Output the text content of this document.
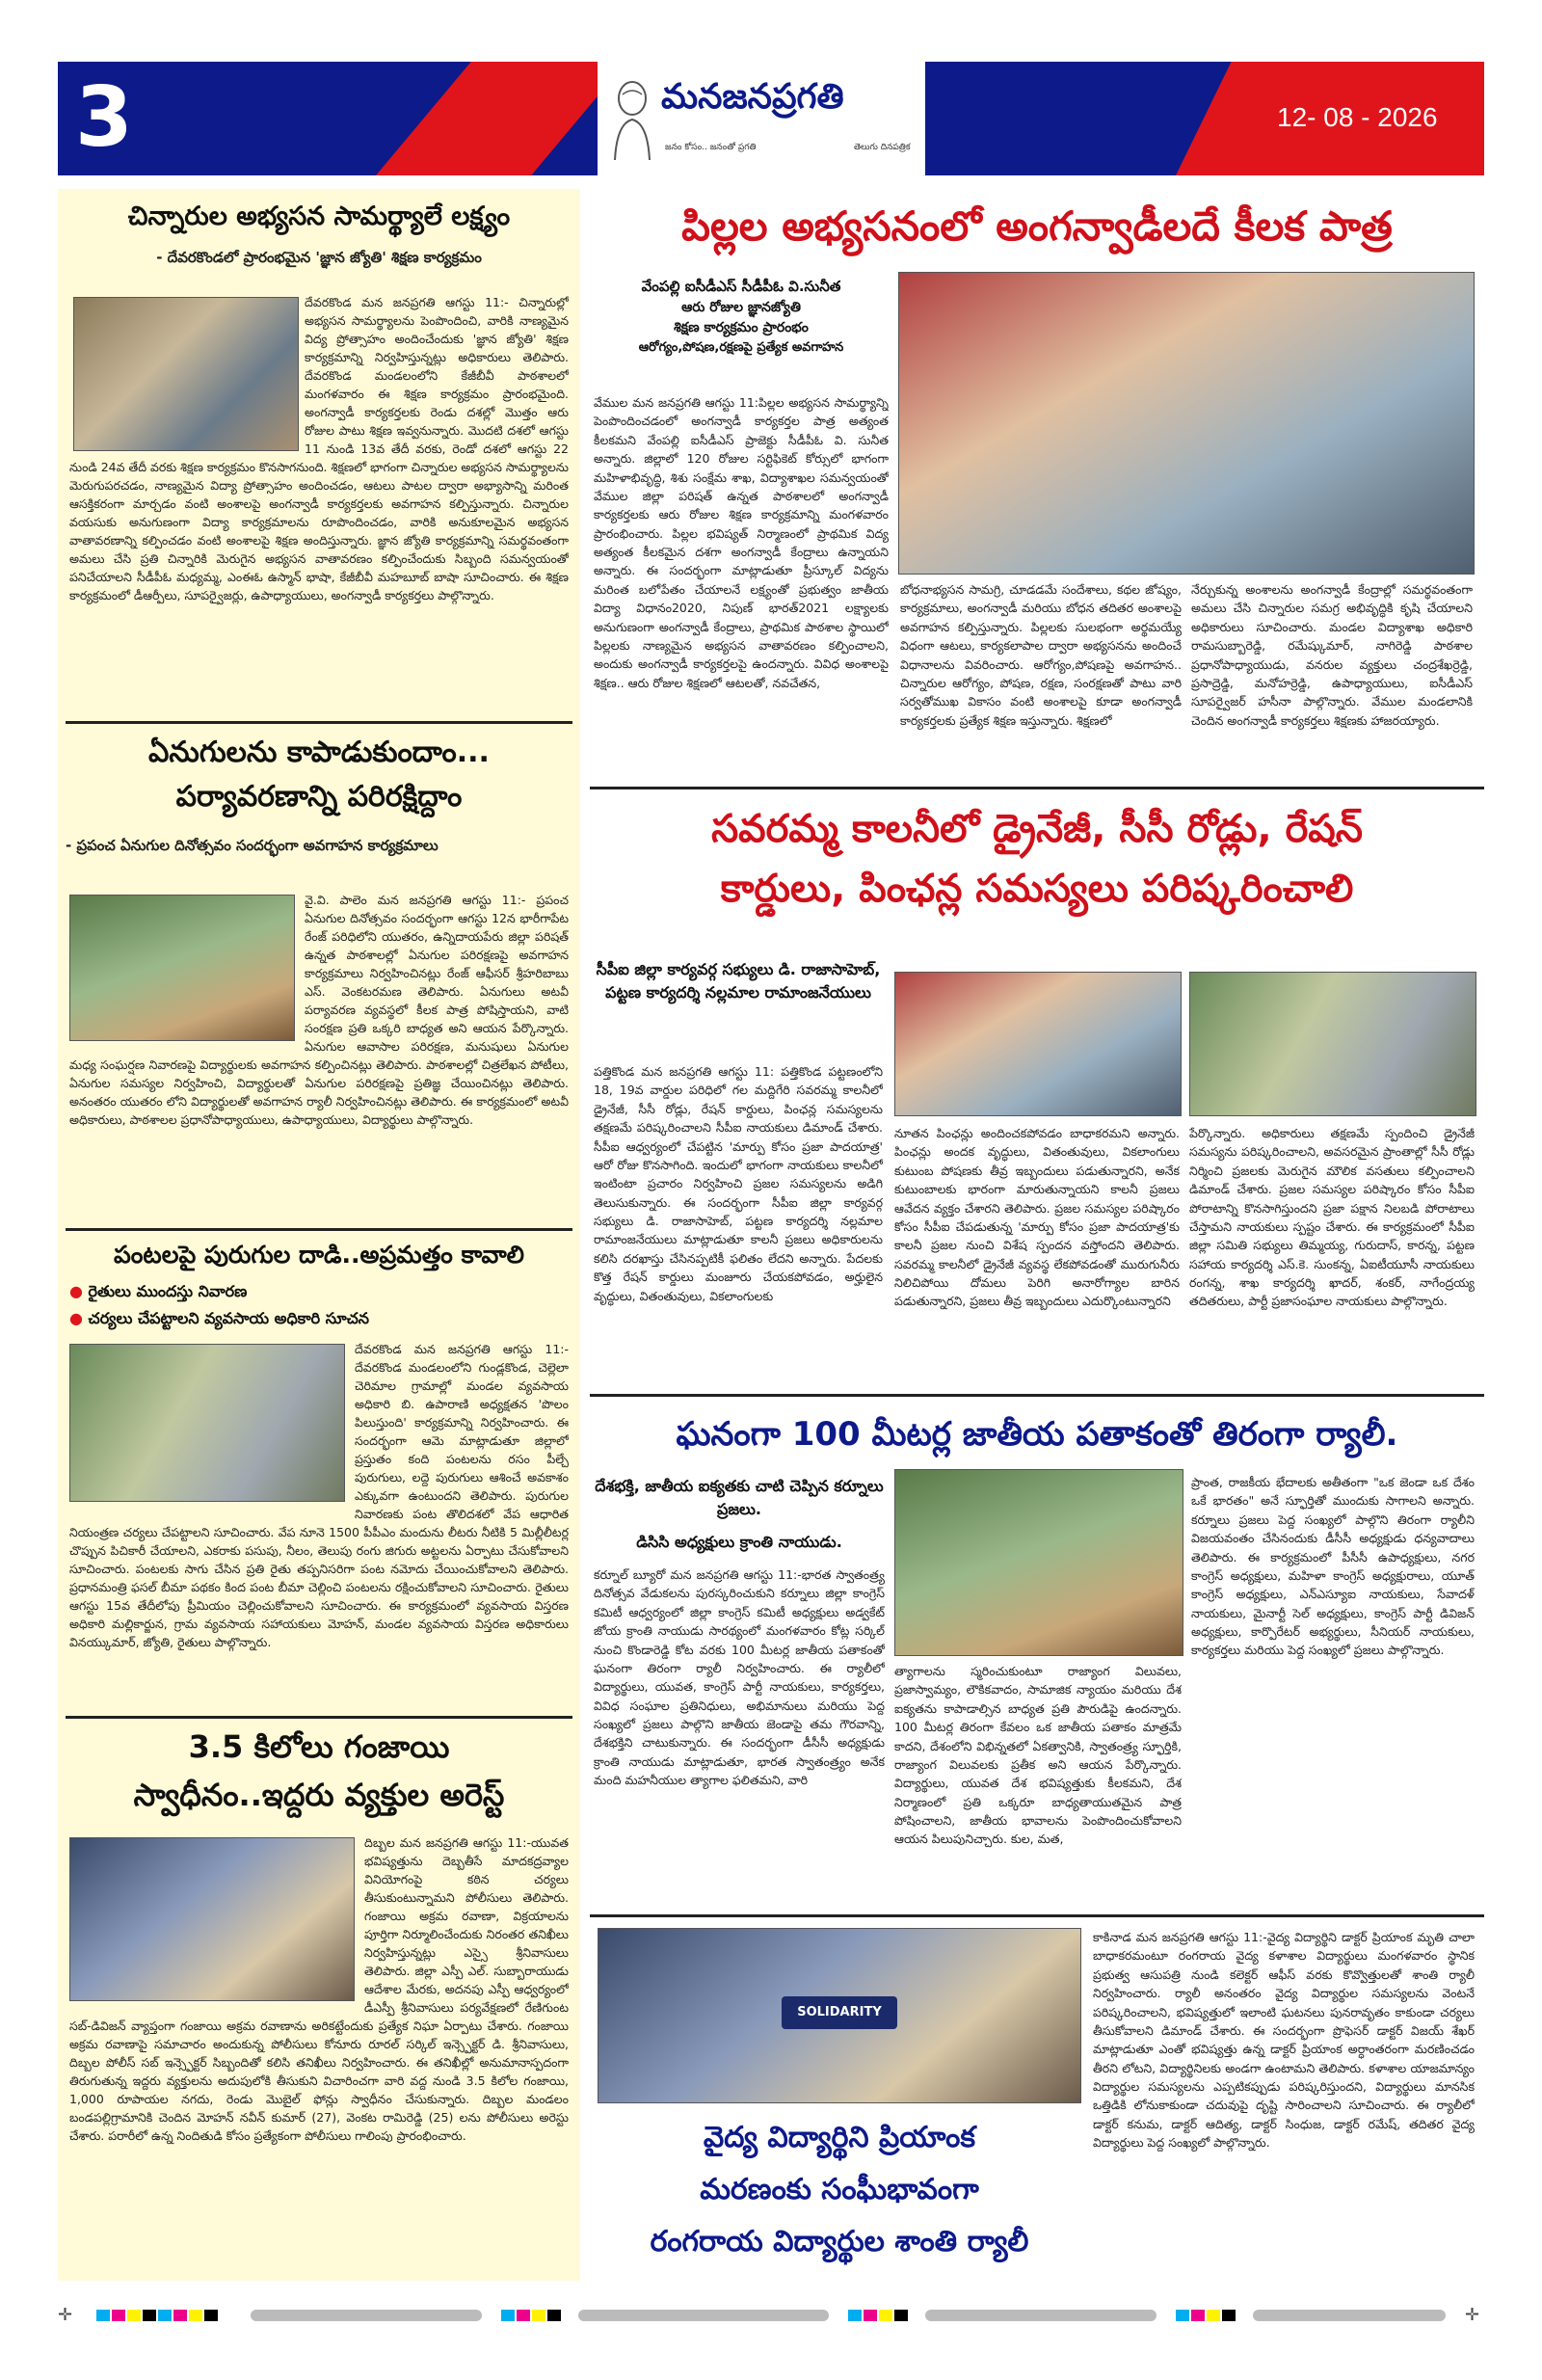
3	మనజనప్రగతి
జనం కోసం.. జనంతో ప్రగతి	తెలుగు దినపత్రిక
12- 08 - 2026
చిన్నారుల అభ్యసన సామర్థ్యాలే లక్ష్యం
- దేవరకొండలో ప్రారంభమైన 'జ్ఞాన జ్యోతి' శిక్షణ కార్యక్రమం

దేవరకొండ మన జనప్రగతి ఆగస్టు 11:- చిన్నారుల్లో అభ్యసన సామర్థ్యాలను పెంపొందించి, వారికి నాణ్యమైన విద్య ప్రోత్సాహం అందించేందుకు 'జ్ఞాన జ్యోతి' శిక్షణ కార్యక్రమాన్ని నిర్వహిస్తున్నట్లు అధికారులు తెలిపారు. దేవరకొండ మండలంలోని కేజీబీవీ పాఠశాలలో మంగళవారం ఈ శిక్షణ కార్యక్రమం ప్రారంభమైంది. అంగన్వాడీ కార్యకర్తలకు రెండు దశల్లో మొత్తం ఆరు రోజుల పాటు శిక్షణ ఇవ్వనున్నారు. మొదటి దశలో ఆగస్టు 11 నుండి 13వ తేదీ వరకు, రెండో దశలో ఆగస్టు 22 నుండి 24వ తేదీ వరకు శిక్షణ కార్యక్రమం కొనసాగనుంది. శిక్షణలో భాగంగా చిన్నారుల అభ్యసన సామర్థ్యాలను మెరుగుపరచడం, నాణ్యమైన విద్యా ప్రోత్సాహం అందించడం, ఆటలు పాటల ద్వారా అభ్యాసాన్ని మరింత ఆసక్తికరంగా మార్చడం వంటి అంశాలపై అంగన్వాడీ కార్యకర్తలకు అవగాహన కల్పిస్తున్నారు. చిన్నారుల వయసుకు అనుగుణంగా విద్యా కార్యక్రమాలను రూపొందించడం, వారికి అనుకూలమైన అభ్యసన వాతావరణాన్ని కల్పించడం వంటి అంశాలపై శిక్షణ అందిస్తున్నారు. జ్ఞాన జ్యోతి కార్యక్రమాన్ని సమర్థవంతంగా అమలు చేసి ప్రతి చిన్నారికి మెరుగైన అభ్యసన వాతావరణం కల్పించేందుకు సిబ్బంది సమన్వయంతో పనిచేయాలని సీడీపీఓ మధ్యమ్మ, ఎంఈఓ ఉస్మాన్ భాషా, కేజీబీవీ మహబూబ్ బాషా సూచించారు. ఈ శిక్షణ కార్యక్రమంలో డీఆర్పీలు, సూపర్వైజర్లు, ఉపాధ్యాయులు, అంగన్వాడీ కార్యకర్తలు పాల్గొన్నారు.

ఏనుగులను కాపాడుకుందాం...
పర్యావరణాన్ని పరిరక్షిద్దాం
- ప్రపంచ ఏనుగుల దినోత్సవం సందర్భంగా అవగాహన కార్యక్రమాలు

వై.వి. పాలెం మన జనప్రగతి ఆగస్టు 11:- ప్రపంచ ఏనుగుల దినోత్సవం సందర్భంగా ఆగస్టు 12న భారీగాపేట రేంజ్ పరిధిలోని యుతరం, ఉన్నిదాయపేరు జిల్లా పరిషత్ ఉన్నత పాఠశాలల్లో ఏనుగుల పరిరక్షణపై అవగాహన కార్యక్రమాలు నిర్వహించినట్లు రేంజ్ ఆఫీసర్ శ్రీహరిబాబు ఎస్. వెంకటరమణ తెలిపారు. ఏనుగులు అటవీ పర్యావరణ వ్యవస్థలో కీలక పాత్ర పోషిస్తాయని, వాటి సంరక్షణ ప్రతి ఒక్కరి బాధ్యత అని ఆయన పేర్కొన్నారు. ఏనుగుల ఆవాసాల పరిరక్షణ, మనుషులు ఏనుగుల మధ్య సంఘర్షణ నివారణపై విద్యార్థులకు అవగాహన కల్పించినట్లు తెలిపారు. పాఠశాలల్లో చిత్రలేఖన పోటీలు, ఏనుగుల సమస్యల నిర్వహించి, విద్యార్థులతో ఏనుగుల పరిరక్షణపై ప్రతిజ్ఞ చేయించినట్లు తెలిపారు. అనంతరం యుతరం లోని విద్యార్థులతో అవగాహన ర్యాలీ నిర్వహించినట్లు తెలిపారు. ఈ కార్యక్రమంలో అటవీ అధికారులు, పాఠశాలల ప్రధానోపాధ్యాయులు, ఉపాధ్యాయులు, విద్యార్థులు పాల్గొన్నారు.

పంటలపై పురుగుల దాడి..అప్రమత్తం కావాలి
● రైతులు ముందస్తు నివారణ
● చర్యలు చేపట్టాలని వ్యవసాయ అధికారి సూచన

దేవరకొండ మన జనప్రగతి ఆగస్టు 11:-దేవరకొండ మండలంలోని గుండ్లకొండ, చెల్లెలా చెరిమాల గ్రామాల్లో మండల వ్యవసాయ అధికారి బి. ఉపారాణి అధ్యక్షతన 'పొలం పిలుస్తుంది' కార్యక్రమాన్ని నిర్వహించారు. ఈ సందర్భంగా ఆమె మాట్లాడుతూ జిల్లాలో ప్రస్తుతం కంది పంటలను రసం పీల్చే పురుగులు, లద్దె పురుగులు ఆశించే అవకాశం ఎక్కువగా ఉంటుందని తెలిపారు. పురుగుల నివారణకు పంట తొలిదశలో వేప ఆధారిత నియంత్రణ చర్యలు చేపట్టాలని సూచించారు. వేప నూనె 1500 పీపీఎం మందును లీటరు నీటికి 5 మిల్లీలీటర్ల చొప్పున పిచికారీ చేయాలని, ఎకరాకు పసుపు, నీలం, తెలుపు రంగు జిగురు అట్టలను ఏర్పాటు చేసుకోవాలని సూచించారు. పంటలకు సాగు చేసిన ప్రతి రైతు తప్పనిసరిగా పంట నమోదు చేయించుకోవాలని తెలిపారు. ప్రధానమంత్రి ఫసల్ బీమా పథకం కింద పంట బీమా చెల్లించి పంటలను రక్షించుకోవాలని సూచించారు. రైతులు ఆగస్టు 15వ తేదీలోపు ప్రీమియం చెల్లించుకోవాలని సూచించారు. ఈ కార్యక్రమంలో వ్యవసాయ విస్తరణ అధికారి మల్లికార్జున, గ్రామ వ్యవసాయ సహాయకులు మోహన్, మండల వ్యవసాయ విస్తరణ అధికారులు వినయ్కుమార్, జ్యోతి, రైతులు పాల్గొన్నారు.

3.5 కిలోలు గంజాయి
స్వాధీనం..ఇద్దరు వ్యక్తుల అరెస్ట్

దిబ్బల మన జనప్రగతి ఆగస్టు 11:-యువత భవిష్యత్తును దెబ్బతీసే మాదకద్రవ్యాల వినియోగంపై కఠిన చర్యలు తీసుకుంటున్నామని పోలీసులు తెలిపారు. గంజాయి అక్రమ రవాణా, విక్రయాలను పూర్తిగా నిర్మూలించేందుకు నిరంతర తనిఖీలు నిర్వహిస్తున్నట్లు ఎస్సై శ్రీనివాసులు తెలిపారు. జిల్లా ఎస్పీ ఎల్. సుబ్బారాయుడు ఆదేశాల మేరకు, అదనపు ఎస్పీ ఆధ్వర్యంలో డీఎస్పీ శ్రీనివాసులు పర్యవేక్షణలో రేణిగుంట సబ్-డివిజన్ వ్యాప్తంగా గంజాయి అక్రమ రవాణాను అరికట్టేందుకు ప్రత్యేక నిఘా ఏర్పాటు చేశారు. గంజాయి అక్రమ రవాణాపై సమాచారం అందుకున్న పోలీసులు కోనూరు రూరల్ సర్కిల్ ఇన్స్పెక్టర్ డి. శ్రీనివాసులు, దిబ్బల పోలీస్ సబ్ ఇన్స్పెక్టర్ సిబ్బందితో కలిసి తనిఖీలు నిర్వహించారు. ఈ తనిఖీల్లో అనుమానాస్పదంగా తిరుగుతున్న ఇద్దరు వ్యక్తులను అదుపులోకి తీసుకుని విచారించగా వారి వద్ద నుండి 3.5 కిలోల గంజాయి, 1,000 రూపాయల నగదు, రెండు మొబైల్ ఫోన్లు స్వాధీనం చేసుకున్నారు. దిబ్బల మండలం బండపల్లిగ్రామానికి చెందిన మోహన్ నవీన్ కుమార్ (27), వెంకట రామిరెడ్డి (25) లను పోలీసులు అరెస్టు చేశారు. పరారీలో ఉన్న నిందితుడి కోసం ప్రత్యేకంగా పోలీసులు గాలింపు ప్రారంభించారు.

పిల్లల అభ్యసనంలో అంగన్వాడీలదే కీలక పాత్ర
వేంపల్లి ఐసీడీఎస్ సీడీపీఓ వి.సునీత
ఆరు రోజుల జ్ఞానజ్యోతి
శిక్షణ కార్యక్రమం ప్రారంభం
ఆరోగ్యం,పోషణ,రక్షణపై ప్రత్యేక అవగాహన

వేముల మన జనప్రగతి ఆగస్టు 11:పిల్లల అభ్యసన సామర్థ్యాన్ని పెంపొందించడంలో అంగన్వాడీ కార్యకర్తల పాత్ర అత్యంత కీలకమని వేంపల్లి ఐసీడీఎస్ ప్రాజెక్టు సీడీపీఓ వి. సునీత అన్నారు. జిల్లాలో 120 రోజుల సర్టిఫికెట్ కోర్సులో భాగంగా మహిళాభివృద్ధి, శిశు సంక్షేమ శాఖ, విద్యాశాఖల సమన్వయంతో వేముల జిల్లా పరిషత్ ఉన్నత పాఠశాలలో అంగన్వాడీ కార్యకర్తలకు ఆరు రోజుల శిక్షణ కార్యక్రమాన్ని మంగళవారం ప్రారంభించారు. పిల్లల భవిష్యత్ నిర్మాణంలో ప్రాథమిక విద్య అత్యంత కీలకమైన దశగా అంగన్వాడీ కేంద్రాలు ఉన్నాయని అన్నారు. ఈ సందర్భంగా మాట్లాడుతూ ప్రీస్కూల్ విద్యను మరింత బలోపేతం చేయాలనే లక్ష్యంతో ప్రభుత్వం జాతీయ విద్యా విధానం2020, నిపుణ్ భారత్2021 లక్ష్యాలకు అనుగుణంగా అంగన్వాడీ కేంద్రాలు, ప్రాథమిక పాఠశాల స్థాయిలో పిల్లలకు నాణ్యమైన అభ్యసన వాతావరణం కల్పించాలని, అందుకు అంగన్వాడీ కార్యకర్తలపై ఉందన్నారు. వివిధ అంశాలపై శిక్షణ.. ఆరు రోజుల శిక్షణలో ఆటలతో, నవచేతన,

బోధనాభ్యసన సామగ్రి, చూడడమే సందేశాలు, కథల జోష్యం, కార్యక్రమాలు, అంగన్వాడీ మరియు బోధన తదితర అంశాలపై అవగాహన కల్పిస్తున్నారు. పిల్లలకు సులభంగా అర్థమయ్యే విధంగా ఆటలు, కార్యకలాపాల ద్వారా అభ్యసనను అందించే విధానాలను వివరించారు. ఆరోగ్యం,పోషణపై అవగాహన.. చిన్నారుల ఆరోగ్యం, పోషణ, రక్షణ, సంరక్షణతో పాటు వారి సర్వతోముఖ వికాసం వంటి అంశాలపై కూడా అంగన్వాడీ కార్యకర్తలకు ప్రత్యేక శిక్షణ ఇస్తున్నారు. శిక్షణలో

నేర్చుకున్న అంశాలను అంగన్వాడీ కేంద్రాల్లో సమర్థవంతంగా అమలు చేసి చిన్నారుల సమగ్ర అభివృద్ధికి కృషి చేయాలని అధికారులు సూచించారు. మండల విద్యాశాఖ అధికారి రామసుబ్బారెడ్డి, రమేష్కుమార్, నాగిరెడ్డి పాఠశాల ప్రధానోపాధ్యాయుడు, వనరుల వ్యక్తులు చంద్రశేఖర్రెడ్డి, ప్రసాద్రెడ్డి, మనోహర్రెడ్డి, ఉపాధ్యాయులు, ఐసీడీఎస్ సూపర్వైజర్ హసీనా పాల్గొన్నారు. వేముల మండలానికి చెందిన అంగన్వాడీ కార్యకర్తలు శిక్షణకు హాజరయ్యారు.

సవరమ్మ కాలనీలో డ్రైనేజీ, సీసీ రోడ్లు, రేషన్
కార్డులు, పింఛన్ల సమస్యలు పరిష్కరించాలి
సీపీఐ జిల్లా కార్యవర్గ సభ్యులు డి. రాజాసాహెబ్, పట్టణ కార్యదర్శి నల్లమాల రామాంజనేయులు

పత్తికొండ మన జనప్రగతి ఆగస్టు 11: పత్తికొండ పట్టణంలోని 18, 19వ వార్డుల పరిధిలో గల మద్దిగేరి సవరమ్మ కాలనీలో డ్రైనేజీ, సీసీ రోడ్లు, రేషన్ కార్డులు, పింఛన్ల సమస్యలను తక్షణమే పరిష్కరించాలని సీపీఐ నాయకులు డిమాండ్ చేశారు. సీపీఐ ఆధ్వర్యంలో చేపట్టిన 'మార్పు కోసం ప్రజా పాదయాత్ర' ఆరో రోజు కొనసాగింది. ఇందులో భాగంగా నాయకులు కాలనీలో ఇంటింటా ప్రచారం నిర్వహించి ప్రజల సమస్యలను అడిగి తెలుసుకున్నారు. ఈ సందర్భంగా సీపీఐ జిల్లా కార్యవర్గ సభ్యులు డి. రాజాసాహెబ్, పట్టణ కార్యదర్శి నల్లమాల రామాంజనేయులు మాట్లాడుతూ కాలనీ ప్రజలు అధికారులను కలిసి దరఖాస్తు చేసినప్పటికీ ఫలితం లేదని అన్నారు. పేదలకు కొత్త రేషన్ కార్డులు మంజూరు చేయకపోవడం, అర్హులైన వృద్ధులు, వితంతువులు, వికలాంగులకు

నూతన పింఛన్లు అందించకపోవడం బాధాకరమని అన్నారు. పింఛన్లు అందక వృద్ధులు, వితంతువులు, వికలాంగులు కుటుంబ పోషణకు తీవ్ర ఇబ్బందులు పడుతున్నారని, అనేక కుటుంబాలకు భారంగా మారుతున్నాయని కాలనీ ప్రజలు ఆవేదన వ్యక్తం చేశారని తెలిపారు. ప్రజల సమస్యల పరిష్కారం కోసం సీపీఐ చేపడుతున్న 'మార్పు కోసం ప్రజా పాదయాత్ర'కు కాలనీ ప్రజల నుంచి విశేష స్పందన వస్తోందని తెలిపారు. సవరమ్మ కాలనీలో డ్రైనేజీ వ్యవస్థ లేకపోవడంతో మురుగునీరు నిలిచిపోయి దోమలు పెరిగి అనారోగ్యాల బారిన పడుతున్నారని, ప్రజలు తీవ్ర ఇబ్బందులు ఎదుర్కొంటున్నారని

పేర్కొన్నారు. అధికారులు తక్షణమే స్పందించి డ్రైనేజీ సమస్యను పరిష్కరించాలని, అవసరమైన ప్రాంతాల్లో సీసీ రోడ్లు నిర్మించి ప్రజలకు మెరుగైన మౌలిక వసతులు కల్పించాలని డిమాండ్ చేశారు. ప్రజల సమస్యల పరిష్కారం కోసం సీపీఐ పోరాటాన్ని కొనసాగిస్తుందని ప్రజా పక్షాన నిలబడి పోరాటాలు చేస్తామని నాయకులు స్పష్టం చేశారు. ఈ కార్యక్రమంలో సీపీఐ జిల్లా సమితి సభ్యులు తిమ్మయ్య, గురుదాస్, కారన్న, పట్టణ సహాయ కార్యదర్శి ఎస్.కె. సుంకన్న, ఏఐటీయూసీ నాయకులు రంగన్న, శాఖ కార్యదర్శి ఖాదర్, శంకర్, నాగేంద్రయ్య తదితరులు, పార్టీ ప్రజాసంఘాల నాయకులు పాల్గొన్నారు.

ఘనంగా 100 మీటర్ల జాతీయ పతాకంతో తిరంగా ర్యాలీ.
దేశభక్తి, జాతీయ ఐక్యతకు చాటి చెప్పిన కర్నూలు ప్రజలు.
డిసిసి అధ్యక్షులు క్రాంతి నాయుడు.

కర్నూల్ బ్యూరో మన జనప్రగతి ఆగస్టు 11:-భారత స్వాతంత్ర్య దినోత్సవ వేడుకలను పురస్కరించుకుని కర్నూలు జిల్లా కాంగ్రెస్ కమిటీ ఆధ్వర్యంలో జిల్లా కాంగ్రెస్ కమిటీ అధ్యక్షులు అడ్వకేట్ జోయ క్రాంతి నాయుడు సారథ్యంలో మంగళవారం కోట్ల సర్కిల్ నుంచి కొండారెడ్డి కోట వరకు 100 మీటర్ల జాతీయ పతాకంతో ఘనంగా తిరంగా ర్యాలీ నిర్వహించారు. ఈ ర్యాలీలో విద్యార్థులు, యువత, కాంగ్రెస్ పార్టీ నాయకులు, కార్యకర్తలు, వివిధ సంఘాల ప్రతినిధులు, అభిమానులు మరియు పెద్ద సంఖ్యలో ప్రజలు పాల్గొని జాతీయ జెండాపై తమ గౌరవాన్ని, దేశభక్తిని చాటుకున్నారు. ఈ సందర్భంగా డీసీసీ అధ్యక్షుడు క్రాంతి నాయుడు మాట్లాడుతూ, భారత స్వాతంత్ర్యం అనేక మంది మహనీయుల త్యాగాల ఫలితమని, వారి

త్యాగాలను స్మరించుకుంటూ రాజ్యాంగ విలువలు, ప్రజాస్వామ్యం, లౌకికవాదం, సామాజిక న్యాయం మరియు దేశ ఐక్యతను కాపాడాల్సిన బాధ్యత ప్రతి పౌరుడిపై ఉందన్నారు. 100 మీటర్ల తిరంగా కేవలం ఒక జాతీయ పతాకం మాత్రమే కాదని, దేశంలోని విభిన్నతలో ఏకత్వానికి, స్వాతంత్ర్య స్ఫూర్తికి, రాజ్యాంగ విలువలకు ప్రతీక అని ఆయన పేర్కొన్నారు. విద్యార్థులు, యువత దేశ భవిష్యత్తుకు కీలకమని, దేశ నిర్మాణంలో ప్రతి ఒక్కరూ బాధ్యతాయుతమైన పాత్ర పోషించాలని, జాతీయ భావాలను పెంపొందించుకోవాలని ఆయన పిలుపునిచ్చారు. కుల, మత,

ప్రాంత, రాజకీయ భేదాలకు అతీతంగా "ఒక జెండా ఒక దేశం ఒకే భారతం" అనే స్ఫూర్తితో ముందుకు సాగాలని అన్నారు. కర్నూలు ప్రజలు పెద్ద సంఖ్యలో పాల్గొని తిరంగా ర్యాలీని విజయవంతం చేసినందుకు డీసీసీ అధ్యక్షుడు ధన్యవాదాలు తెలిపారు. ఈ కార్యక్రమంలో పీసీసీ ఉపాధ్యక్షులు, నగర కాంగ్రెస్ అధ్యక్షులు, మహిళా కాంగ్రెస్ అధ్యక్షురాలు, యూత్ కాంగ్రెస్ అధ్యక్షులు, ఎన్ఎస్యూఐ నాయకులు, సేవాదళ్ నాయకులు, మైనార్టీ సెల్ అధ్యక్షులు, కాంగ్రెస్ పార్టీ డివిజన్ అధ్యక్షులు, కార్పొరేటర్ అభ్యర్థులు, సీనియర్ నాయకులు, కార్యకర్తలు మరియు పెద్ద సంఖ్యలో ప్రజలు పాల్గొన్నారు.

SOLIDARITY
వైద్య విద్యార్థిని ప్రియాంక
మరణంకు సంఘీభావంగా
రంగరాయ విద్యార్థుల శాంతి ర్యాలీ

కాకినాడ మన జనప్రగతి ఆగస్టు 11:-వైద్య విద్యార్థిని డాక్టర్ ప్రియాంక మృతి చాలా బాధాకరమంటూ రంగరాయ వైద్య కళాశాల విద్యార్థులు మంగళవారం స్థానిక ప్రభుత్వ ఆసుపత్రి నుండి కలెక్టర్ ఆఫీస్ వరకు కొవ్వొత్తులతో శాంతి ర్యాలీ నిర్వహించారు. ర్యాలీ అనంతరం వైద్య విద్యార్థుల సమస్యలను వెంటనే పరిష్కరించాలని, భవిష్యత్తులో ఇలాంటి ఘటనలు పునరావృతం కాకుండా చర్యలు తీసుకోవాలని డిమాండ్ చేశారు. ఈ సందర్భంగా ప్రొఫెసర్ డాక్టర్ విజయ్ శేఖర్ మాట్లాడుతూ ఎంతో భవిష్యత్తు ఉన్న డాక్టర్ ప్రియాంక అర్ధాంతరంగా మరణించడం తీరని లోటని, విద్యార్థినిలకు అండగా ఉంటామని తెలిపారు. కళాశాల యాజమాన్యం విద్యార్థుల సమస్యలను ఎప్పటికప్పుడు పరిష్కరిస్తుందని, విద్యార్థులు మానసిక ఒత్తిడికి లోనుకాకుండా చదువుపై దృష్టి సారించాలని సూచించారు. ఈ ర్యాలీలో డాక్టర్ కనుమ, డాక్టర్ ఆదిత్య, డాక్టర్ సింధుజ, డాక్టర్ రమేష్, తదితర వైద్య విద్యార్థులు పెద్ద సంఖ్యలో పాల్గొన్నారు.

✛	✛
